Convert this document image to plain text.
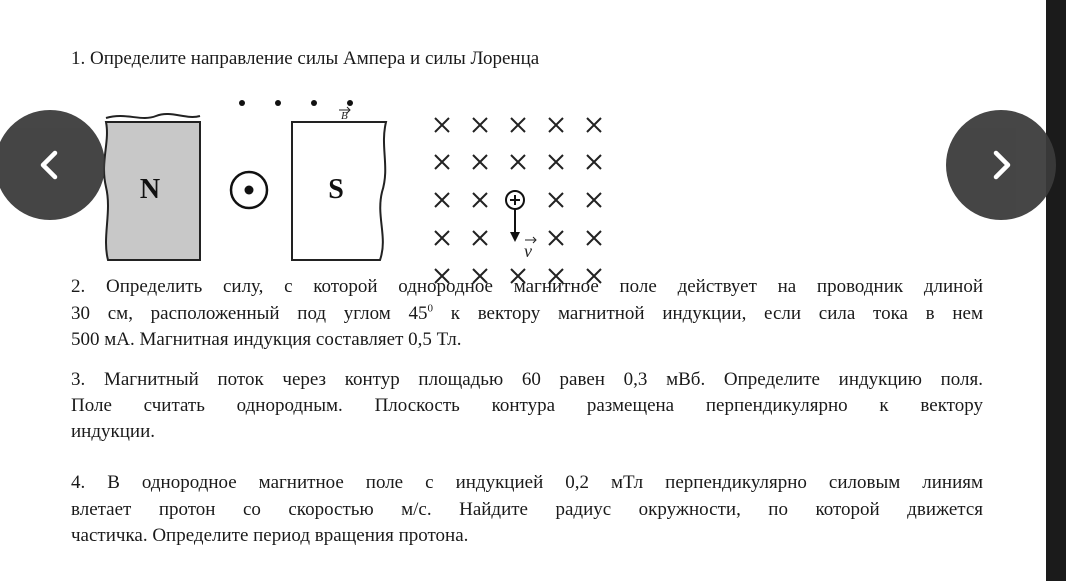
1. Определите направление силы Ампера и силы Лоренца
N
B
S
v
2. Определить силу, с которой однородное магнитное поле действует на проводник длиной
30 см, расположенный под углом $45^0$ к вектору магнитной индукции, если сила тока в нем
500 мА. Магнитная индукция составляет 0,5 Тл.
3. Магнитный поток через контур площадью 60 равен 0,3 мВб. Определите индукцию поля.
Поле считать однородным. Плоскость контура размещена перпендикулярно к вектору
индукции.
4. В однородное магнитное поле с индукцией 0,2 мТл перпендикулярно силовым линиям
влетает протон со скоростью м/с. Найдите радиус окружности, по которой движется
частичка. Определите период вращения протона.
